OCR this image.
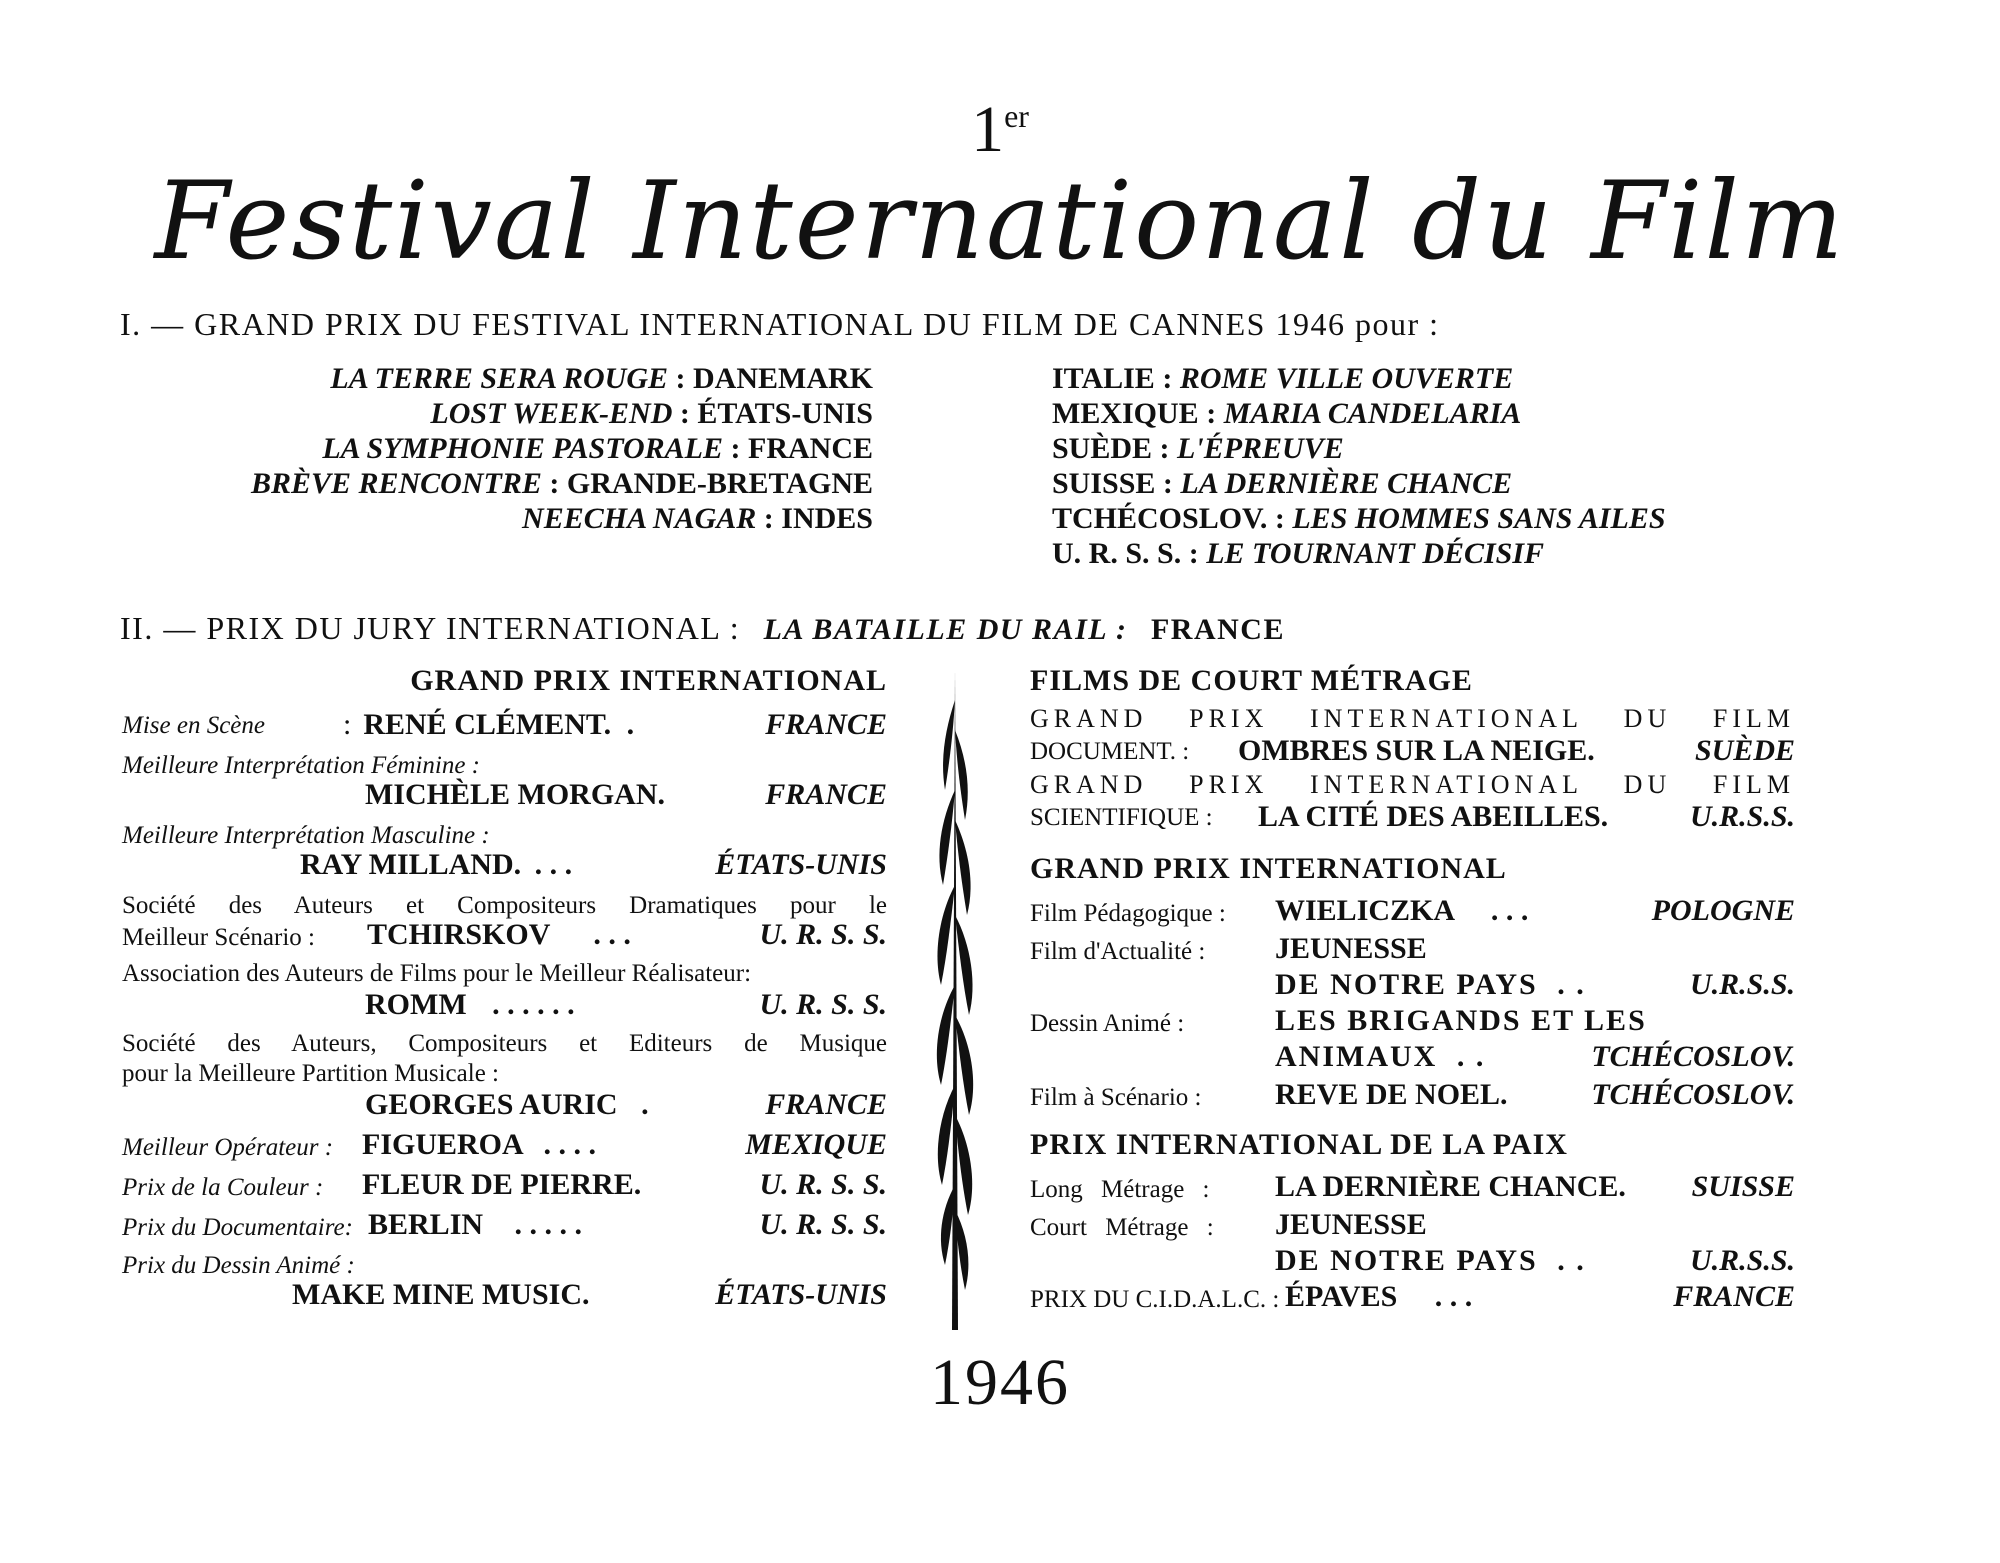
1er
Festival International du Film
I. — GRAND PRIX DU FESTIVAL INTERNATIONAL DU FILM DE CANNES 1946 pour :
LA TERRE SERA ROUGE : DANEMARK
LOST WEEK-END : ÉTATS-UNIS
LA SYMPHONIE PASTORALE : FRANCE
BRÈVE RENCONTRE : GRANDE-BRETAGNE
NEECHA NAGAR : INDES
ITALIE : ROME VILLE OUVERTE
MEXIQUE : MARIA CANDELARIA
SUÈDE : L'ÉPREUVE
SUISSE : LA DERNIÈRE CHANCE
TCHÉCOSLOV. : LES HOMMES SANS AILES
U. R. S. S. : LE TOURNANT DÉCISIF
II. — PRIX DU JURY INTERNATIONAL : LA BATAILLE DU RAIL : FRANCE
GRAND PRIX INTERNATIONAL
Mise en Scène	: RENÉ CLÉMENT. .	FRANCE
Meilleure Interprétation Féminine :
MICHÈLE MORGAN.	FRANCE
Meilleure Interprétation Masculine :
RAY MILLAND. . . .	ÉTATS-UNIS
Société des Auteurs et Compositeurs Dramatiques pour le
Meilleur Scénario : TCHIRSKOV . . .	U. R. S. S.
Association des Auteurs de Films pour le Meilleur Réalisateur:
ROMM . . . . . .	U. R. S. S.
Société des Auteurs, Compositeurs et Editeurs de Musique
pour la Meilleure Partition Musicale :
GEORGES AURIC .	FRANCE
Meilleur Opérateur : FIGUEROA . . . .	MEXIQUE
Prix de la Couleur : FLEUR DE PIERRE.	U. R. S. S.
Prix du Documentaire: BERLIN . . . . .	U. R. S. S.
Prix du Dessin Animé :
MAKE MINE MUSIC.	ÉTATS-UNIS
FILMS DE COURT MÉTRAGE
GRAND PRIX INTERNATIONAL DU FILM
DOCUMENT. : OMBRES SUR LA NEIGE.	SUÈDE
GRAND PRIX INTERNATIONAL DU FILM
SCIENTIFIQUE : LA CITÉ DES ABEILLES.	U.R.S.S.
GRAND PRIX INTERNATIONAL
Film Pédagogique : WIELICZKA . . .	POLOGNE
Film d'Actualité : JEUNESSE
DE NOTRE PAYS . .	U.R.S.S.
Dessin Animé :	LES BRIGANDS ET LES
ANIMAUX . .	TCHÉCOSLOV.
Film à Scénario : REVE DE NOEL.	TCHÉCOSLOV.
PRIX INTERNATIONAL DE LA PAIX
Long Métrage : LA DERNIÈRE CHANCE. SUISSE
Court Métrage : JEUNESSE
DE NOTRE PAYS . .	U.R.S.S.
PRIX DU C.I.D.A.L.C. : ÉPAVES . . .	FRANCE
1946
